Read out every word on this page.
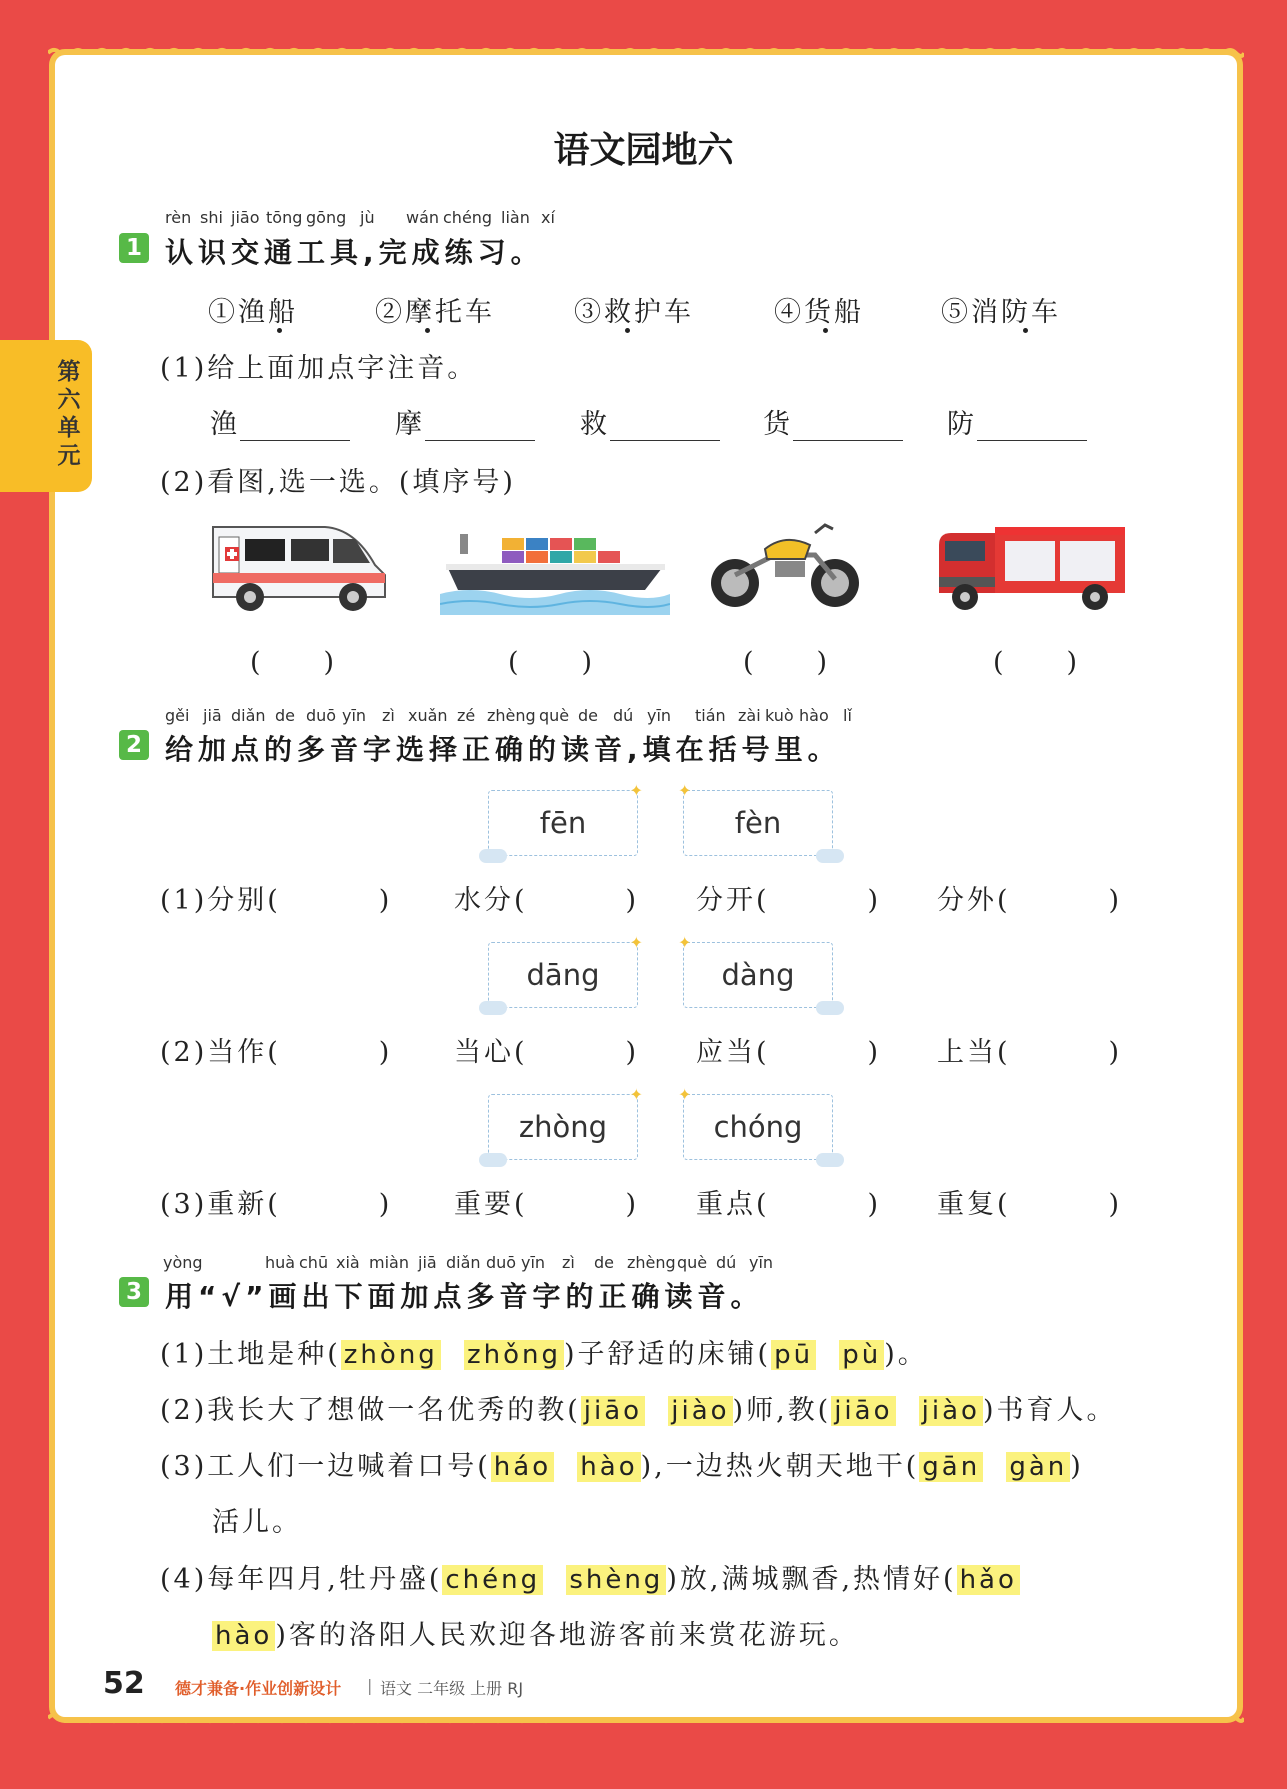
第六单元
语文园地六
rèn shi jiāo tōng gōng jù wán chéng liàn xí
1 认识交通工具,完成练习。
①渔船	②摩托车	③救护车	④货船	⑤消防车
(1)给上面加点字注音。
渔	摩	救	货	防
(2)看图,选一选。(填序号)
(　　)	(　　)	(　　)	(　　)
gěi jiā diǎn de duō yīn zì xuǎn zé zhèng què de dú yīn tián zài kuò hào lǐ
2 给加点的多音字选择正确的读音,填在括号里。
fēn
✦
fèn
✦
(1)分别(	) 水分(	) 分开(	) 分外(	)
dāng
✦
dàng
✦
(2)当作(	) 当心(	) 应当(	) 上当(	)
zhòng
✦
chóng
✦
(3)重新(	) 重要(	) 重点(	) 重复(	)
yòng	huà chū xià miàn jiā diǎn duō yīn zì de zhèng què dú yīn
3 用“√”画出下面加点多音字的正确读音。
(1)土地是种( zhòng zhǒng )子舒适的床铺( pū pù )。
(2)我长大了想做一名优秀的教( jiāo jiào )师,教( jiāo jiào )书育人。
(3)工人们一边喊着口号( háo hào ),一边热火朝天地干( gān gàn )
活儿。
(4)每年四月,牡丹盛( chéng shèng )放,满城飘香,热情好( hǎo
hào )客的洛阳人民欢迎各地游客前来赏花游玩。
52 德才兼备·作业创新设计 | 语文 二年级 上册 RJ
